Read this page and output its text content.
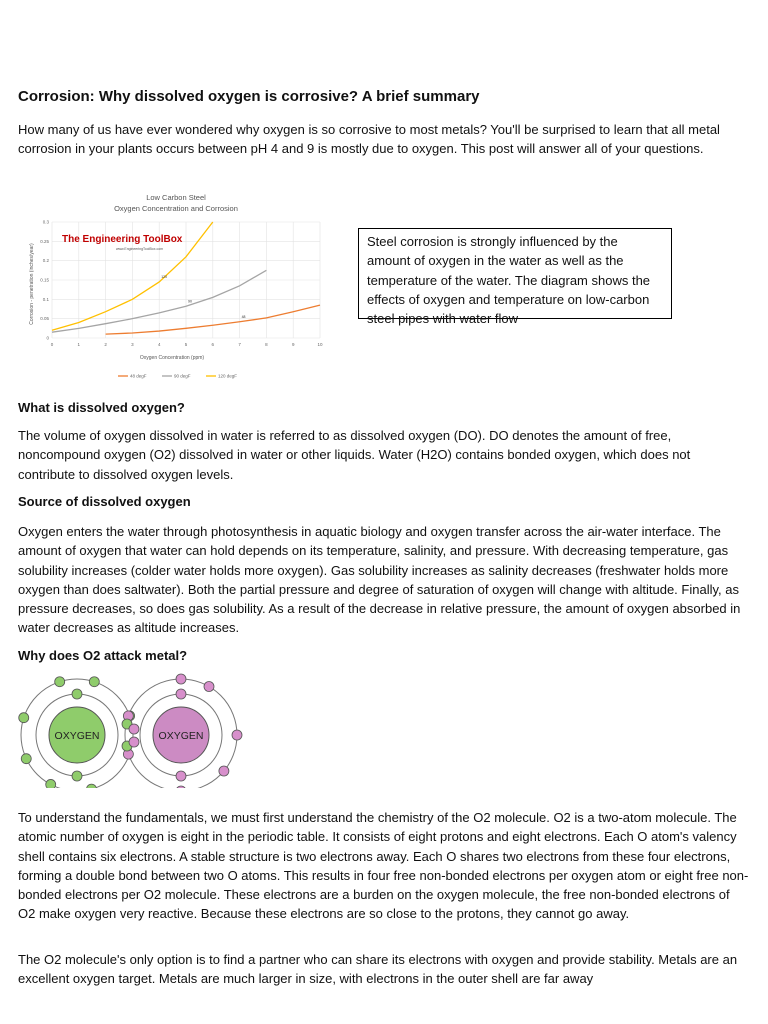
Corrosion: Why dissolved oxygen is corrosive? A brief summary

How many of us have ever wondered why oxygen is so corrosive to most metals? You'll be surprised to learn that all metal corrosion in your plants occurs between pH 4 and 9 is mostly due to oxygen. This post will answer all of your questions.

Low Carbon Steel
Oxygen Concentration and Corrosion
0	1	2	3	4	5	6	7	8	9	10
0
0.05
0.1
0.15
0.2
0.25
0.3
The Engineering ToolBox
www.EngineeringToolBox.com
48
90
120
Oxygen Concentration (ppm)
Corrosion - penetration (inches/year)
48 degF	90 degF	120 degF
Steel corrosion is strongly influenced by the amount of oxygen in the water as well as the temperature of the water. The diagram shows the effects of oxygen and temperature on low-carbon steel pipes with water flow
What is dissolved oxygen?

The volume of oxygen dissolved in water is referred to as dissolved oxygen (DO). DO denotes the amount of free, noncompound oxygen (O2) dissolved in water or other liquids. Water (H2O) contains bonded oxygen, which does not contribute to dissolved oxygen levels.

Source of dissolved oxygen

Oxygen enters the water through photosynthesis in aquatic biology and oxygen transfer across the air-water interface. The amount of oxygen that water can hold depends on its temperature, salinity, and pressure. With decreasing temperature, gas solubility increases (colder water holds more oxygen). Gas solubility increases as salinity decreases (freshwater holds more oxygen than does saltwater). Both the partial pressure and degree of saturation of oxygen will change with altitude. Finally, as pressure decreases, so does gas solubility. As a result of the decrease in relative pressure, the amount of oxygen absorbed in water decreases as altitude increases.

Why does O2 attack metal?
OXYGEN	OXYGEN

To understand the fundamentals, we must first understand the chemistry of the O2 molecule. O2 is a two-atom molecule. The atomic number of oxygen is eight in the periodic table. It consists of eight protons and eight electrons. Each O atom's valency shell contains six electrons. A stable structure is two electrons away. Each O shares two electrons from these four electrons, forming a double bond between two O atoms. This results in four free non-bonded electrons per oxygen atom or eight free non-bonded electrons per O2 molecule. These electrons are a burden on the oxygen molecule, the free non-bonded electrons of O2 make oxygen very reactive. Because these electrons are so close to the protons, they cannot go away.

The O2 molecule's only option is to find a partner who can share its electrons with oxygen and provide stability. Metals are an excellent oxygen target. Metals are much larger in size, with electrons in the outer shell are far away
